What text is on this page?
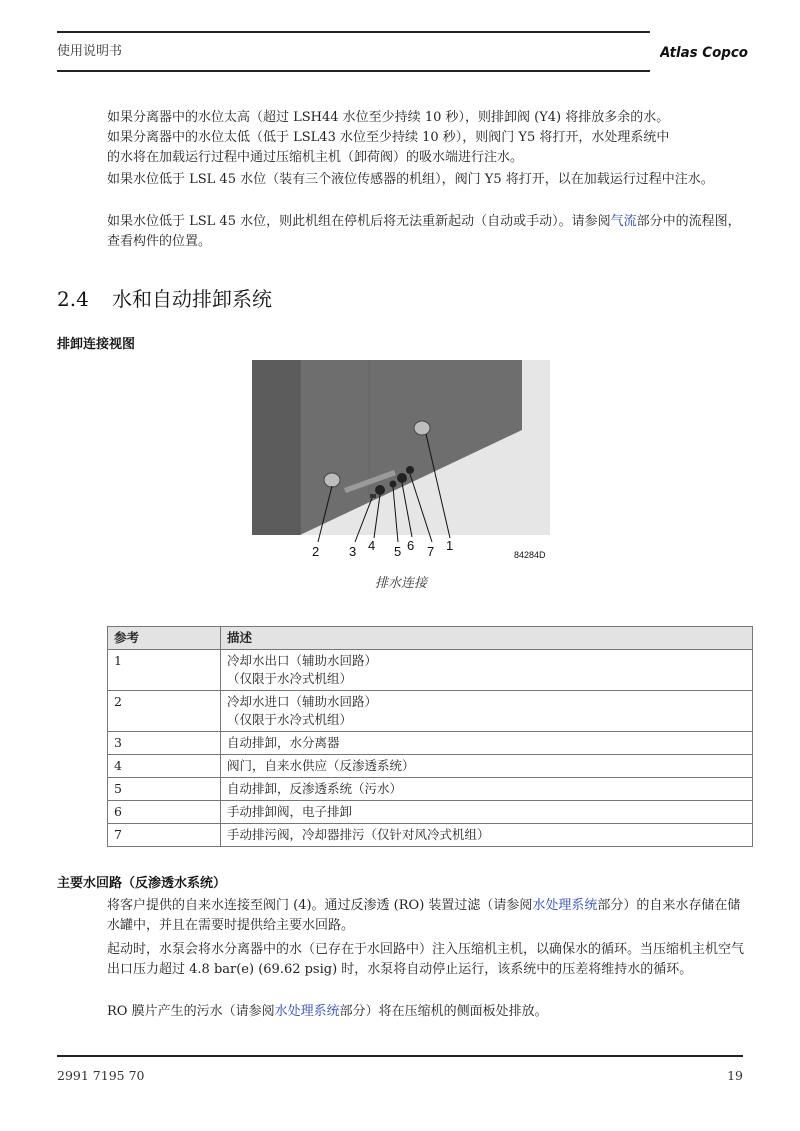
使用说明书	Atlas Copco
如果分离器中的水位太高（超过 LSH44 水位至少持续 10 秒），则排卸阀 (Y4) 将排放多余的水。
如果分离器中的水位太低（低于 LSL43 水位至少持续 10 秒），则阀门 Y5 将打开，水处理系统中
的水将在加载运行过程中通过压缩机主机（卸荷阀）的吸水端进行注水。
如果水位低于 LSL 45 水位（装有三个液位传感器的机组），阀门 Y5 将打开，以在加载运行过程中注水。
如果水位低于 LSL 45 水位，则此机组在停机后将无法重新起动（自动或手动）。请参阅气流部分中的流程图，查看构件的位置。
2.4 水和自动排卸系统
排卸连接视图
2 3 4 5 6 7 1
84284D
排水连接
参考	描述
1	冷却水出口（辅助水回路）
（仅限于水冷式机组）

2	冷却水进口（辅助水回路）
（仅限于水冷式机组）

3	自动排卸，水分离器
4	阀门，自来水供应（反渗透系统）
5	自动排卸，反渗透系统（污水）
6	手动排卸阀，电子排卸
7	手动排污阀，冷却器排污（仅针对风冷式机组）
主要水回路（反渗透水系统）
将客户提供的自来水连接至阀门 (4)。通过反渗透 (RO) 装置过滤（请参阅水处理系统部分）的自来水存储在储水罐中，并且在需要时提供给主要水回路。
起动时，水泵会将水分离器中的水（已存在于水回路中）注入压缩机主机，以确保水的循环。当压缩机主机空气出口压力超过 4.8 bar(e) (69.62 psig) 时，水泵将自动停止运行，该系统中的压差将维持水的循环。
RO 膜片产生的污水（请参阅水处理系统部分）将在压缩机的侧面板处排放。
2991 7195 70	19
